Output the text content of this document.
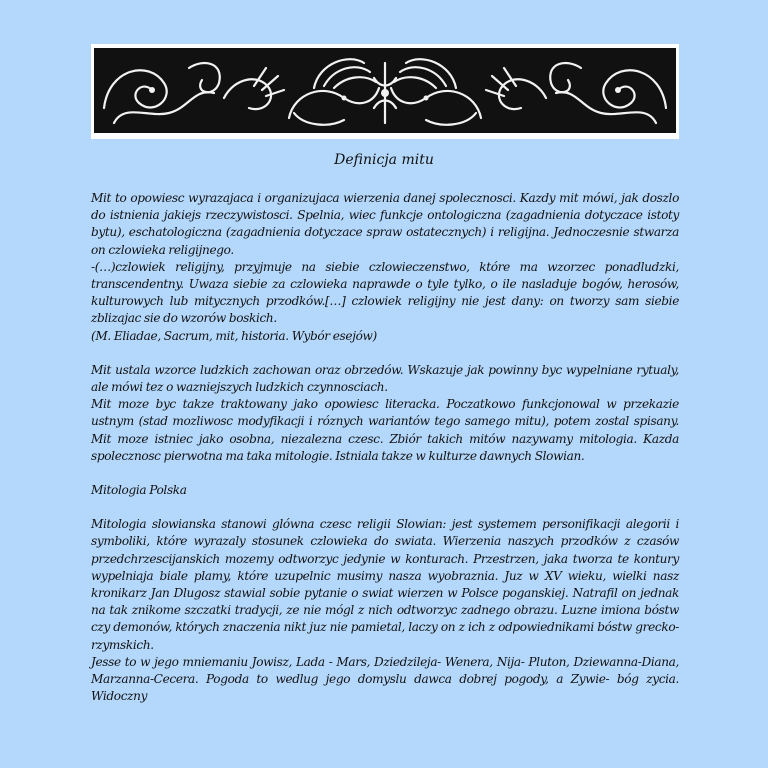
Definicja mitu

Mit to opowiesc wyrazajaca i organizujaca wierzenia danej spolecznosci. Kazdy mit mówi, jak doszlo do istnienia jakiejs rzeczywistosci. Spelnia, wiec funkcje ontologiczna (zagadnienia dotyczace istoty bytu), eschatologiczna (zagadnienia dotyczace spraw ostatecznych) i religijna. Jednoczesnie stwarza on czlowieka religijnego.

-(…)czlowiek religijny, przyjmuje na siebie czlowieczenstwo, które ma wzorzec ponadludzki, transcendentny. Uwaza siebie za czlowieka naprawde o tyle tylko, o ile nasladuje bogów, herosów, kulturowych lub mitycznych przodków.[…] czlowiek religijny nie jest dany: on tworzy sam siebie zblizajac sie do wzorów boskich.

(M. Eliadae, Sacrum, mit, historia. Wybór esejów)

Mit ustala wzorce ludzkich zachowan oraz obrzedów. Wskazuje jak powinny byc wypelniane rytualy, ale mówi tez o wazniejszych ludzkich czynnosciach.

Mit moze byc takze traktowany jako opowiesc literacka. Poczatkowo funkcjonowal w przekazie ustnym (stad mozliwosc modyfikacji i róznych wariantów tego samego mitu), potem zostal spisany. Mit moze istniec jako osobna, niezalezna czesc. Zbiór takich mitów nazywamy mitologia. Kazda spolecznosc pierwotna ma taka mitologie. Istniala takze w kulturze dawnych Slowian.

Mitologia Polska

Mitologia slowianska stanowi glówna czesc religii Slowian: jest systemem personifikacji alegorii i symboliki, które wyrazaly stosunek czlowieka do swiata. Wierzenia naszych przodków z czasów przedchrzescijanskich mozemy odtworzyc jedynie w konturach. Przestrzen, jaka tworza te kontury wypelniaja biale plamy, które uzupelnic musimy nasza wyobraznia. Juz w XV wieku, wielki nasz kronikarz Jan Dlugosz stawial sobie pytanie o swiat wierzen w Polsce poganskiej. Natrafil on jednak na tak znikome szczatki tradycji, ze nie mógl z nich odtworzyc zadnego obrazu. Luzne imiona bóstw czy demonów, których znaczenia nikt juz nie pamietal, laczy on z ich z odpowiednikami bóstw grecko-rzymskich.

Jesse to w jego mniemaniu Jowisz, Lada - Mars, Dziedzileja- Wenera, Nija- Pluton, Dziewanna-Diana, Marzanna-Cecera. Pogoda to wedlug jego domyslu dawca dobrej pogody, a Zywie- bóg zycia. Widoczny
